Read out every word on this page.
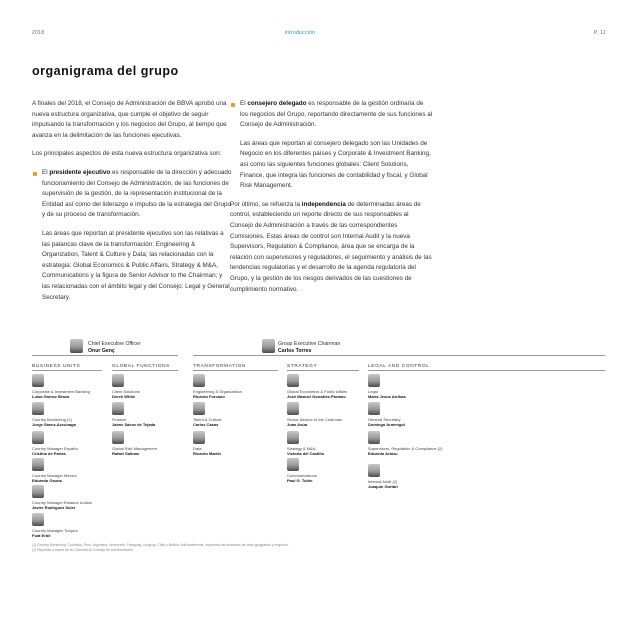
2018	introducción	P. 11
organigrama del grupo

A finales del 2018, el Consejo de Administración de BBVA aprobó una nueva estructura organizativa, que cumple el objetivo de seguir impulsando la transformación y los negocios del Grupo, al tiempo que avanza en la delimitación de las funciones ejecutivas.

Los principales aspectos de esta nueva estructura organizativa son:

El presidente ejecutivo es responsable de la dirección y adecuado funcionamiento del Consejo de Administración, de las funciones de supervisión de la gestión, de la representación institucional de la Entidad así como del liderazgo e impulso de la estrategia del Grupo y de su proceso de transformación.

Las áreas que reportan al presidente ejecutivo son las relativas a las palancas clave de la transformación: Engineering & Organization, Talent & Culture y Data; las relacionadas con la estrategia: Global Economics & Public Affairs, Strategy & M&A, Communications y la figura de Senior Advisor to the Chairman; y las relacionadas con el ámbito legal y del Consejo: Legal y General Secretary.

El consejero delegado es responsable de la gestión ordinaria de los negocios del Grupo, reportando directamente de sus funciones al Consejo de Administración.

Las áreas que reportan al consejero delegado son las Unidades de Negocio en los diferentes países y Corporate & Investment Banking, así como las siguientes funciones globales: Client Solutions, Finance, que integra las funciones de contabilidad y fiscal, y Global Risk Management.

Por último, se refuerza la independencia de determinadas áreas de control, estableciendo un reporte directo de sus responsables al Consejo de Administración a través de las correspondientes Comisiones. Estas áreas de control son Internal Audit y la nueva Supervisors, Regulation & Compliance, área que se encarga de la relación con supervisores y reguladores, el seguimiento y análisis de las tendencias regulatorias y el desarrollo de la agenda regulatoria del Grupo, y la gestión de los riesgos derivados de las cuestiones de cumplimiento normativo.

Chief Executive Officer
Onur Genç
Group Executive Chairman
Carlos Torres
BUSINESS UNITS	GLOBAL FUNCTIONS	TRANSFORMATION	STRATEGY	LEGAL AND CONTROL
Corporate & Investment Banking
Luisa Gómez Bravo
Country Monitoring (1)
Jorge Sáenz-Azcúnaga
Country Manager España
Cristina de Parias
Country Manager México
Eduardo Osuna
Country Manager Estados Unidos
Javier Rodríguez Soler
Country Manager Turquía
Fuat Erbil
Client Solutions
Derek White
Finance
Jaime Sáenz de Tejada
Global Risk Management
Rafael Salinas
Engineering & Organization
Ricardo Forcano
Talent & Culture
Carlos Casas
Data
Ricardo Martín
Global Economics & Public Affairs
José Manuel González-Páramo
Senior Advisor to the Chairman
Juan Asúa
Strategy & M&A
Victoria del Castillo
Communications
Paul G. Tobin
Legal
María Jesús Arribas
General Secretary
Domingo Armengol
Supervisors, Regulation & Compliance (2)
Eduardo Arbizu
Internal Audit (2)
Joaquín Gortari
(1) Country Monitoring: Colombia, Perú, Argentina, Venezuela, Paraguay, Uruguay, Chile y Bolivia. Adicionalmente, supervisa las funciones de otras geografías y negocios.
(2) Reportan a través de su Comisión al Consejo de Administración.
